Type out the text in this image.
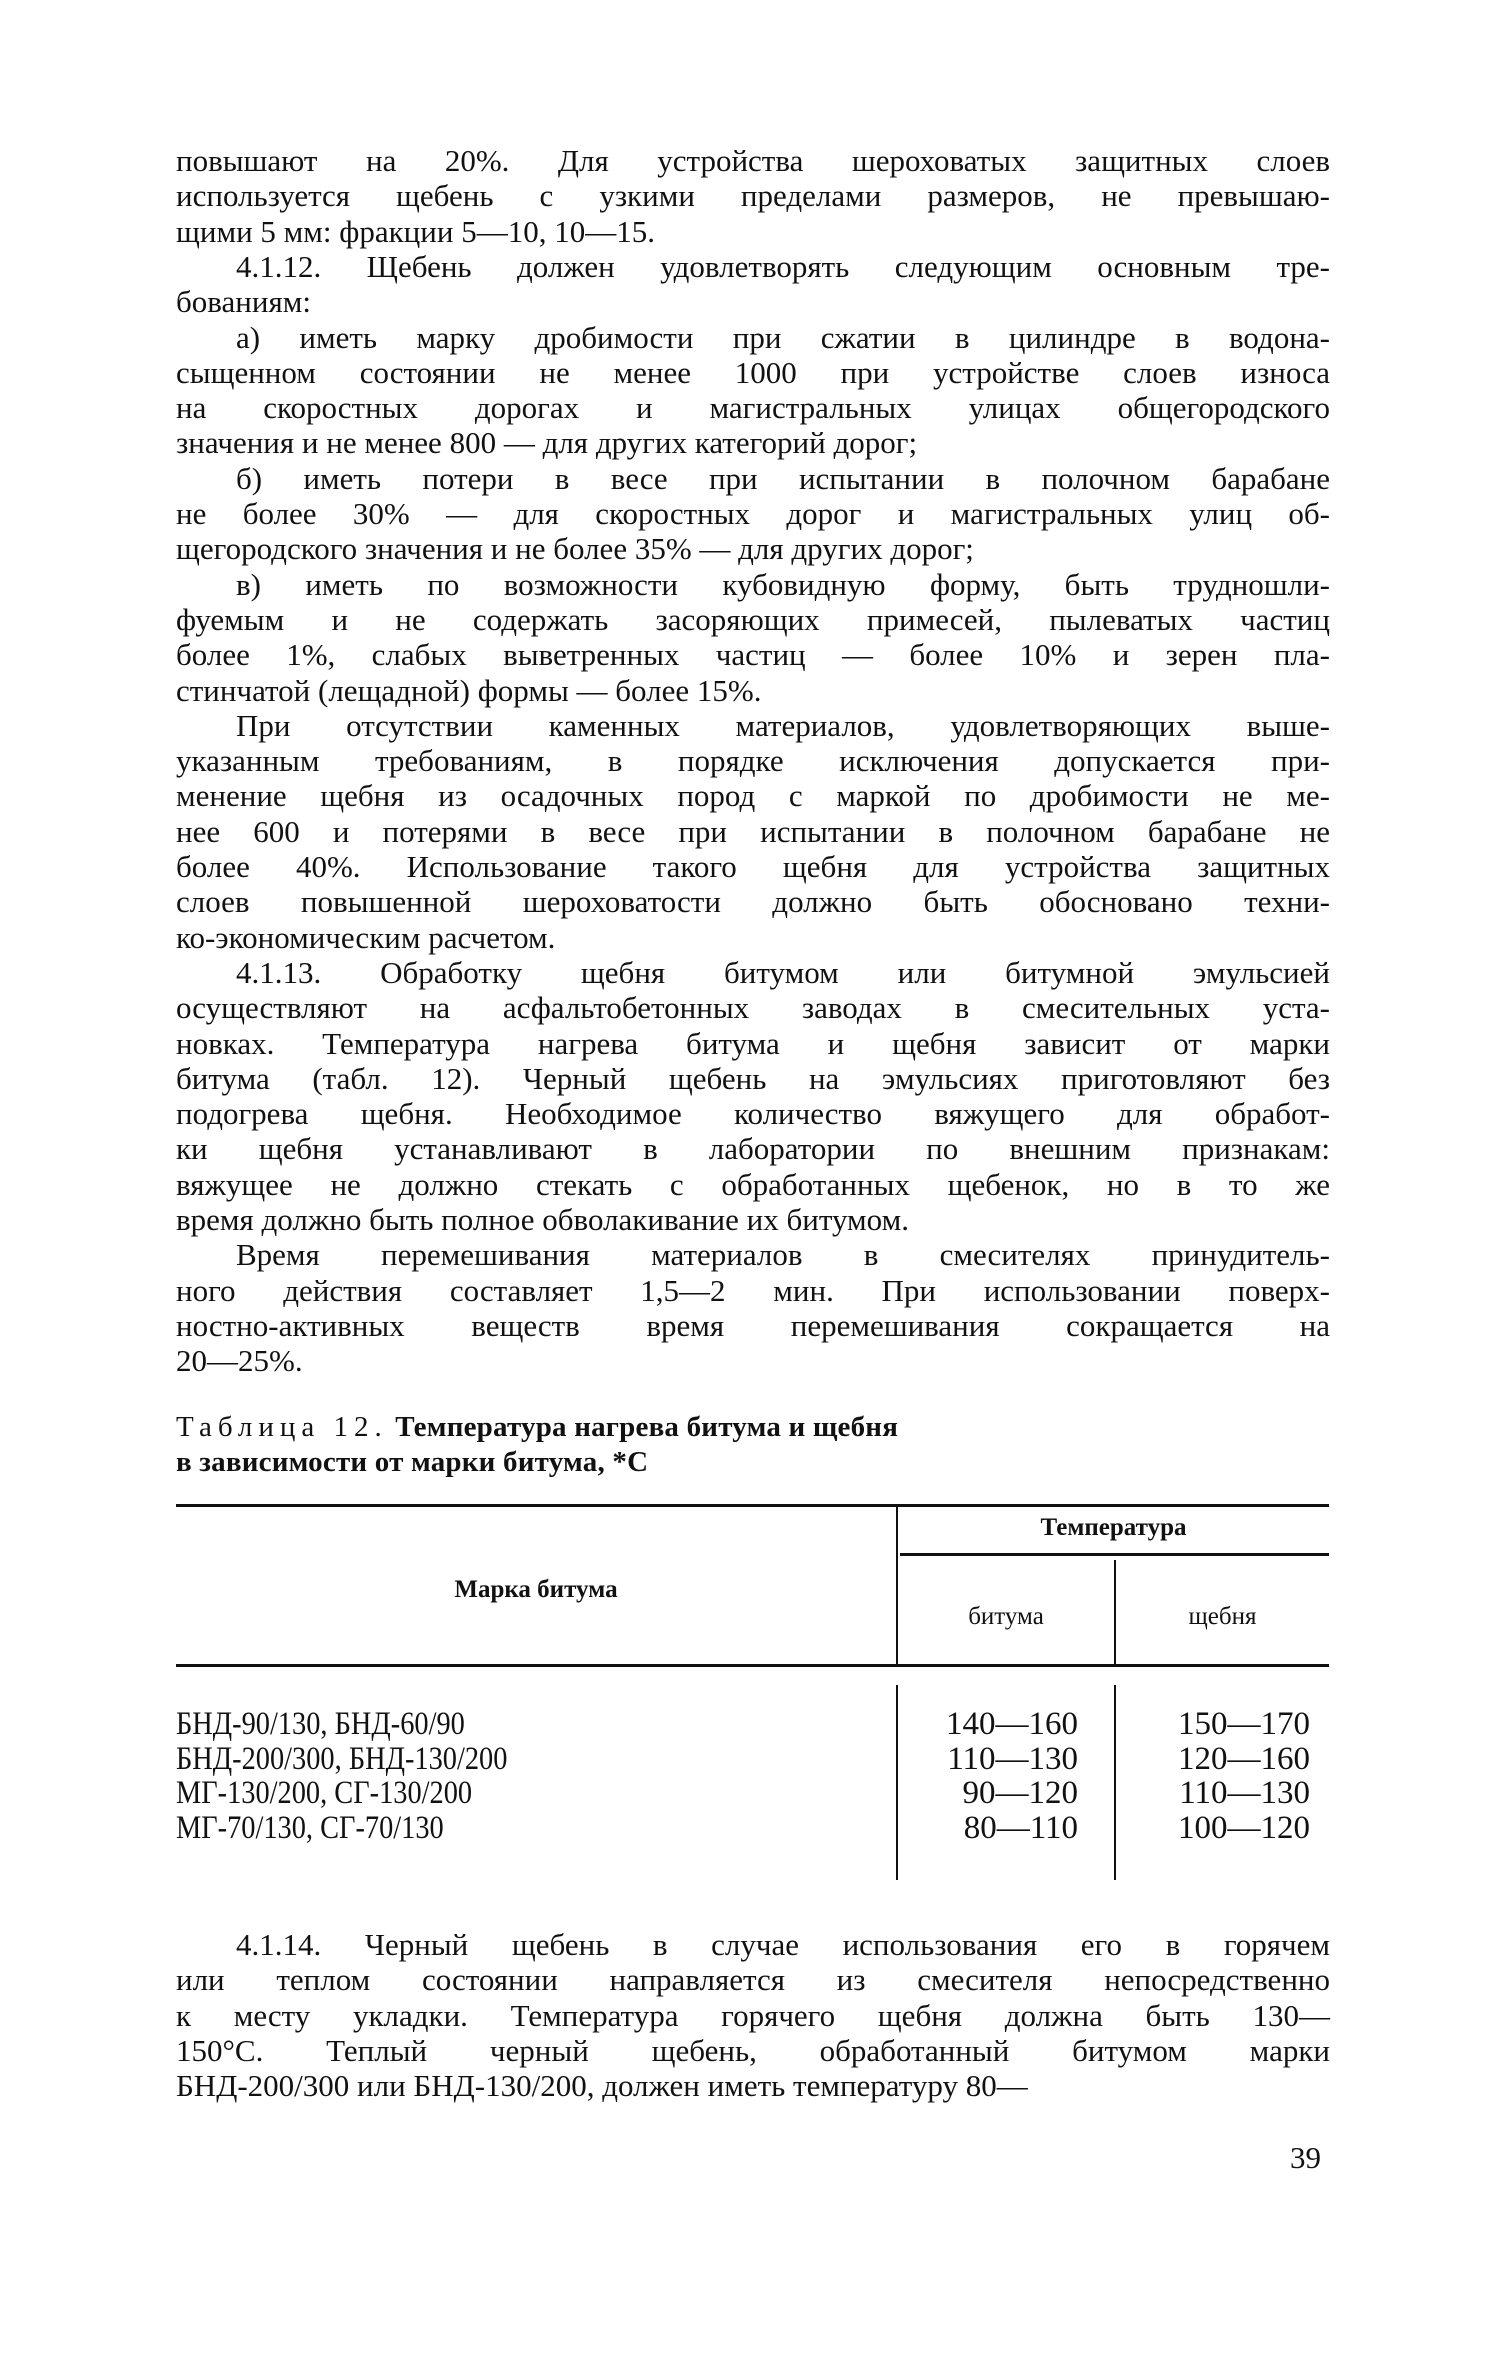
повышают на 20%. Для устройства шероховатых защитных слоев
используется щебень с узкими пределами размеров, не превышаю-
щими 5 мм: фракции 5—10, 10—15.
4.1.12. Щебень должен удовлетворять следующим основным тре-
бованиям:
а) иметь марку дробимости при сжатии в цилиндре в водона-
сыщенном состоянии не менее 1000 при устройстве слоев износа
на скоростных дорогах и магистральных улицах общегородского
значения и не менее 800 — для других категорий дорог;
б) иметь потери в весе при испытании в полочном барабане
не более 30% — для скоростных дорог и магистральных улиц об-
щегородского значения и не более 35% — для других дорог;
в) иметь по возможности кубовидную форму, быть трудношли-
фуемым и не содержать засоряющих примесей, пылеватых частиц
более 1%, слабых выветренных частиц — более 10% и зерен пла-
стинчатой (лещадной) формы — более 15%.
При отсутствии каменных материалов, удовлетворяющих выше-
указанным требованиям, в порядке исключения допускается при-
менение щебня из осадочных пород с маркой по дробимости не ме-
нее 600 и потерями в весе при испытании в полочном барабане не
более 40%. Использование такого щебня для устройства защитных
слоев повышенной шероховатости должно быть обосновано техни-
ко-экономическим расчетом.
4.1.13. Обработку щебня битумом или битумной эмульсией
осуществляют на асфальтобетонных заводах в смесительных уста-
новках. Температура нагрева битума и щебня зависит от марки
битума (табл. 12). Черный щебень на эмульсиях приготовляют без
подогрева щебня. Необходимое количество вяжущего для обработ-
ки щебня устанавливают в лаборатории по внешним признакам:
вяжущее не должно стекать с обработанных щебенок, но в то же
время должно быть полное обволакивание их битумом.
Время перемешивания материалов в смесителях принудитель-
ного действия составляет 1,5—2 мин. При использовании поверх-
ностно-активных веществ время перемешивания сокращается на
20—25%.
Таблица 12. Температура нагрева битума и щебня
в зависимости от марки битума, *С
Марка битума
Температура
битума	щебня
БНД-90/130, БНД-60/90	140—160	150—170
БНД-200/300, БНД-130/200	110—130	120—160
МГ-130/200, СГ-130/200	90—120	110—130
МГ-70/130, СГ-70/130	80—110	100—120
4.1.14. Черный щебень в случае использования его в горячем
или теплом состоянии направляется из смесителя непосредственно
к месту укладки. Температура горячего щебня должна быть 130—
150°С. Теплый черный щебень, обработанный битумом марки
БНД-200/300 или БНД-130/200, должен иметь температуру 80—
39
